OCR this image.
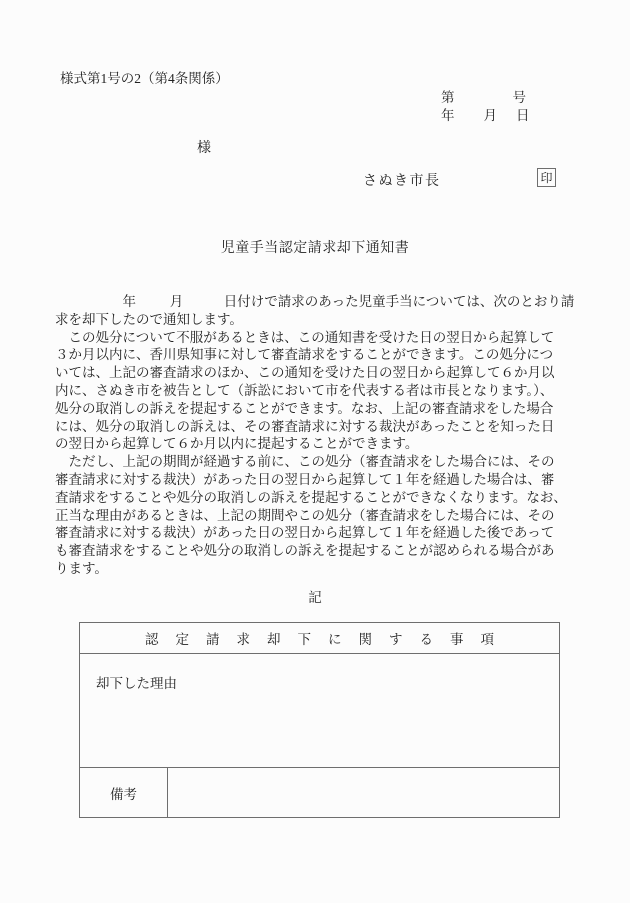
様式第1号の2（第4条関係）
第	号
年 月 日
様
さぬき市長	印
児童手当認定請求却下通知書
　　　　　年　　  月　　　日付けで請求のあった児童手当については、次のとおり請
求を却下したので通知します。
　この処分について不服があるときは、この通知書を受けた日の翌日から起算して
３か月以内に、香川県知事に対して審査請求をすることができます。この処分につ
いては、上記の審査請求のほか、この通知を受けた日の翌日から起算して６か月以
内に、さぬき市を被告として（訴訟において市を代表する者は市長となります。）、
処分の取消しの訴えを提起することができます。なお、上記の審査請求をした場合
には、処分の取消しの訴えは、その審査請求に対する裁決があったことを知った日
の翌日から起算して６か月以内に提起することができます。
　ただし、上記の期間が経過する前に、この処分（審査請求をした場合には、その
審査請求に対する裁決）があった日の翌日から起算して１年を経過した場合は、審
査請求をすることや処分の取消しの訴えを提起することができなくなります。なお、
正当な理由があるときは、上記の期間やこの処分（審査請求をした場合には、その
審査請求に対する裁決）があった日の翌日から起算して１年を経過した後であって
も審査請求をすることや処分の取消しの訴えを提起することが認められる場合があ
ります。
記
認定請求却下に関する事項
却下した理由
備考
